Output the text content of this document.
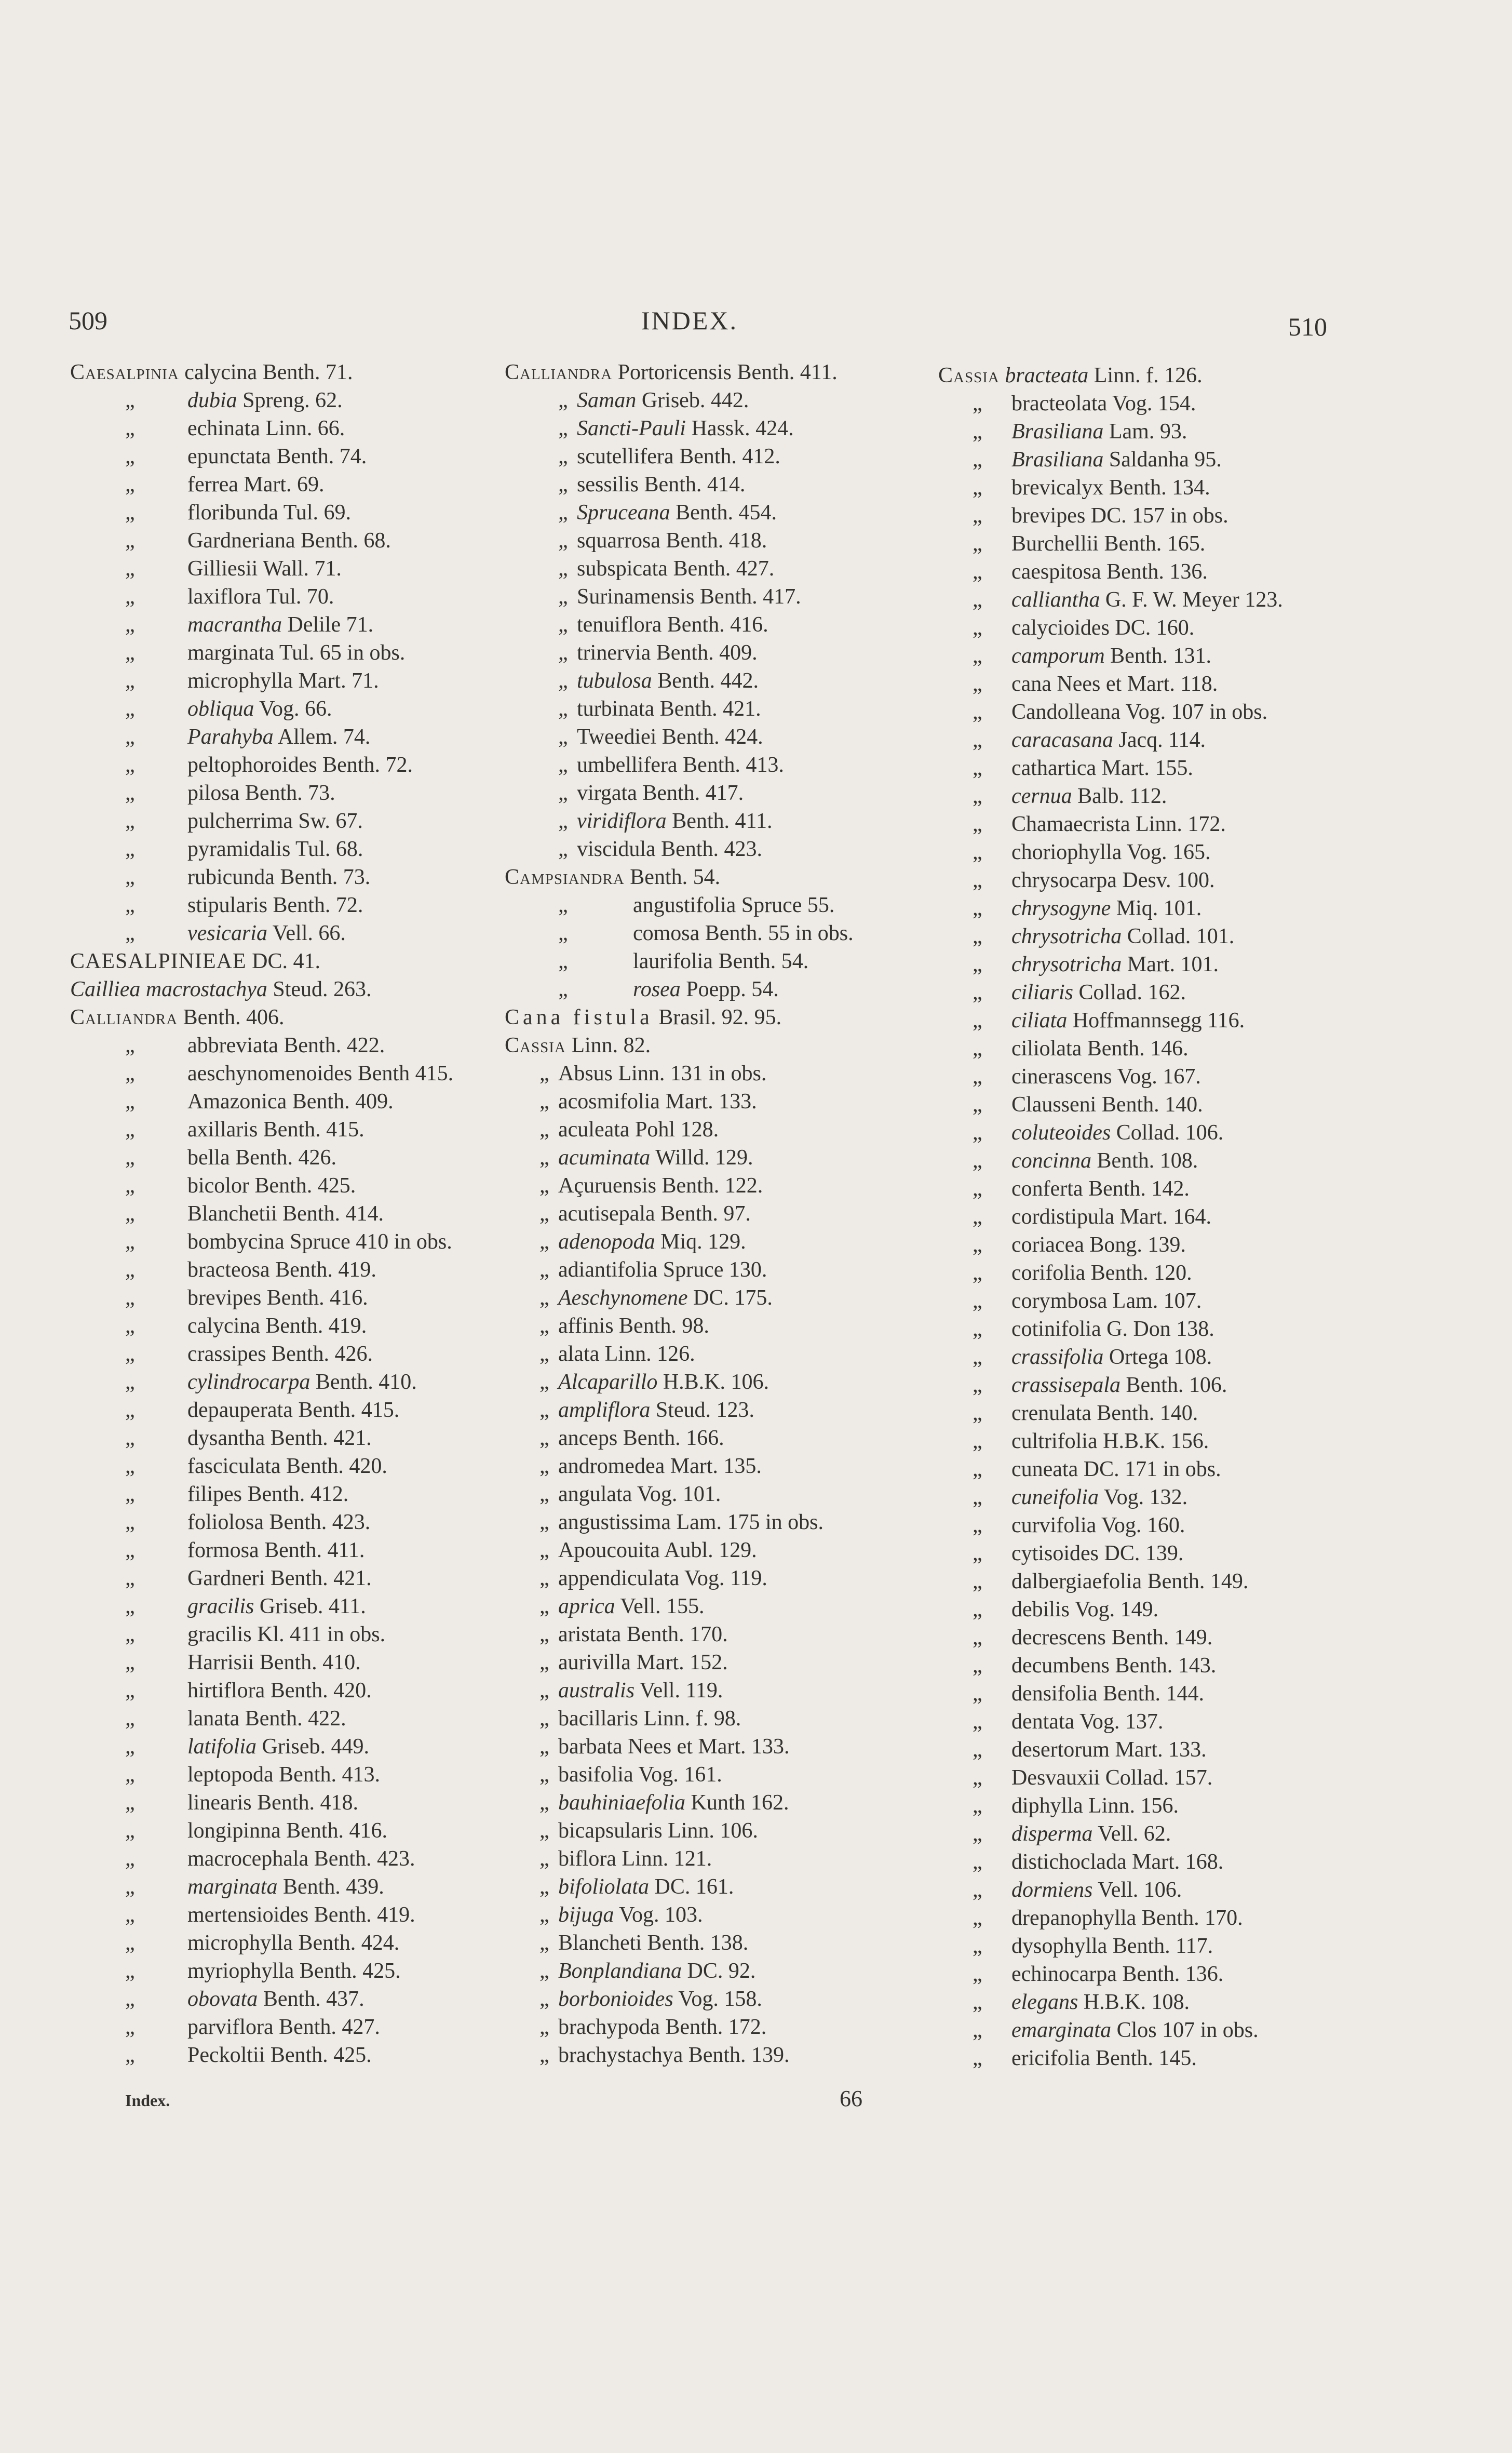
509	INDEX.	510
Caesalpinia calycina Benth. 71.
„ dubia Spreng. 62.
„ echinata Linn. 66.
„ epunctata Benth. 74.
„ ferrea Mart. 69.
„ floribunda Tul. 69.
„ Gardneriana Benth. 68.
„ Gilliesii Wall. 71.
„ laxiflora Tul. 70.
„ macrantha Delile 71.
„ marginata Tul. 65 in obs.
„ microphylla Mart. 71.
„ obliqua Vog. 66.
„ Parahyba Allem. 74.
„ peltophoroides Benth. 72.
„ pilosa Benth. 73.
„ pulcherrima Sw. 67.
„ pyramidalis Tul. 68.
„ rubicunda Benth. 73.
„ stipularis Benth. 72.
„ vesicaria Vell. 66.
CAESALPINIEAE DC. 41.
Cailliea macrostachya Steud. 263.
Calliandra Benth. 406.
„ abbreviata Benth. 422.
„ aeschynomenoides Benth 415.
„ Amazonica Benth. 409.
„ axillaris Benth. 415.
„ bella Benth. 426.
„ bicolor Benth. 425.
„ Blanchetii Benth. 414.
„ bombycina Spruce 410 in obs.
„ bracteosa Benth. 419.
„ brevipes Benth. 416.
„ calycina Benth. 419.
„ crassipes Benth. 426.
„ cylindrocarpa Benth. 410.
„ depauperata Benth. 415.
„ dysantha Benth. 421.
„ fasciculata Benth. 420.
„ filipes Benth. 412.
„ foliolosa Benth. 423.
„ formosa Benth. 411.
„ Gardneri Benth. 421.
„ gracilis Griseb. 411.
„ gracilis Kl. 411 in obs.
„ Harrisii Benth. 410.
„ hirtiflora Benth. 420.
„ lanata Benth. 422.
„ latifolia Griseb. 449.
„ leptopoda Benth. 413.
„ linearis Benth. 418.
„ longipinna Benth. 416.
„ macrocephala Benth. 423.
„ marginata Benth. 439.
„ mertensioides Benth. 419.
„ microphylla Benth. 424.
„ myriophylla Benth. 425.
„ obovata Benth. 437.
„ parviflora Benth. 427.
„ Peckoltii Benth. 425.
Calliandra Portoricensis Benth. 411.
„ Saman Griseb. 442.
„ Sancti-Pauli Hassk. 424.
„ scutellifera Benth. 412.
„ sessilis Benth. 414.
„ Spruceana Benth. 454.
„ squarrosa Benth. 418.
„ subspicata Benth. 427.
„ Surinamensis Benth. 417.
„ tenuiflora Benth. 416.
„ trinervia Benth. 409.
„ tubulosa Benth. 442.
„ turbinata Benth. 421.
„ Tweediei Benth. 424.
„ umbellifera Benth. 413.
„ virgata Benth. 417.
„ viridiflora Benth. 411.
„ viscidula Benth. 423.
Campsiandra Benth. 54.
„	angustifolia Spruce 55.
„	comosa Benth. 55 in obs.
„	laurifolia Benth. 54.
„	rosea Poepp. 54.
Cana fistula Brasil. 92. 95.
Cassia Linn. 82.
„ Absus Linn. 131 in obs.
„ acosmifolia Mart. 133.
„ aculeata Pohl 128.
„ acuminata Willd. 129.
„ Açuruensis Benth. 122.
„ acutisepala Benth. 97.
„ adenopoda Miq. 129.
„ adiantifolia Spruce 130.
„ Aeschynomene DC. 175.
„ affinis Benth. 98.
„ alata Linn. 126.
„ Alcaparillo H.B.K. 106.
„ ampliflora Steud. 123.
„ anceps Benth. 166.
„ andromedea Mart. 135.
„ angulata Vog. 101.
„ angustissima Lam. 175 in obs.
„ Apoucouita Aubl. 129.
„ appendiculata Vog. 119.
„ aprica Vell. 155.
„ aristata Benth. 170.
„ aurivilla Mart. 152.
„ australis Vell. 119.
„ bacillaris Linn. f. 98.
„ barbata Nees et Mart. 133.
„ basifolia Vog. 161.
„ bauhiniaefolia Kunth 162.
„ bicapsularis Linn. 106.
„ biflora Linn. 121.
„ bifoliolata DC. 161.
„ bijuga Vog. 103.
„ Blancheti Benth. 138.
„ Bonplandiana DC. 92.
„ borbonioides Vog. 158.
„ brachypoda Benth. 172.
„ brachystachya Benth. 139.
Cassia bracteata Linn. f. 126.
„ bracteolata Vog. 154.
„ Brasiliana Lam. 93.
„ Brasiliana Saldanha 95.
„ brevicalyx Benth. 134.
„ brevipes DC. 157 in obs.
„ Burchellii Benth. 165.
„ caespitosa Benth. 136.
„ calliantha G. F. W. Meyer 123.
„ calycioides DC. 160.
„ camporum Benth. 131.
„ cana Nees et Mart. 118.
„ Candolleana Vog. 107 in obs.
„ caracasana Jacq. 114.
„ cathartica Mart. 155.
„ cernua Balb. 112.
„ Chamaecrista Linn. 172.
„ choriophylla Vog. 165.
„ chrysocarpa Desv. 100.
„ chrysogyne Miq. 101.
„ chrysotricha Collad. 101.
„ chrysotricha Mart. 101.
„ ciliaris Collad. 162.
„ ciliata Hoffmannsegg 116.
„ ciliolata Benth. 146.
„ cinerascens Vog. 167.
„ Clausseni Benth. 140.
„ coluteoides Collad. 106.
„ concinna Benth. 108.
„ conferta Benth. 142.
„ cordistipula Mart. 164.
„ coriacea Bong. 139.
„ corifolia Benth. 120.
„ corymbosa Lam. 107.
„ cotinifolia G. Don 138.
„ crassifolia Ortega 108.
„ crassisepala Benth. 106.
„ crenulata Benth. 140.
„ cultrifolia H.B.K. 156.
„ cuneata DC. 171 in obs.
„ cuneifolia Vog. 132.
„ curvifolia Vog. 160.
„ cytisoides DC. 139.
„ dalbergiaefolia Benth. 149.
„ debilis Vog. 149.
„ decrescens Benth. 149.
„ decumbens Benth. 143.
„ densifolia Benth. 144.
„ dentata Vog. 137.
„ desertorum Mart. 133.
„ Desvauxii Collad. 157.
„ diphylla Linn. 156.
„ disperma Vell. 62.
„ distichoclada Mart. 168.
„ dormiens Vell. 106.
„ drepanophylla Benth. 170.
„ dysophylla Benth. 117.
„ echinocarpa Benth. 136.
„ elegans H.B.K. 108.
„ emarginata Clos 107 in obs.
„ ericifolia Benth. 145.
Index.	66
